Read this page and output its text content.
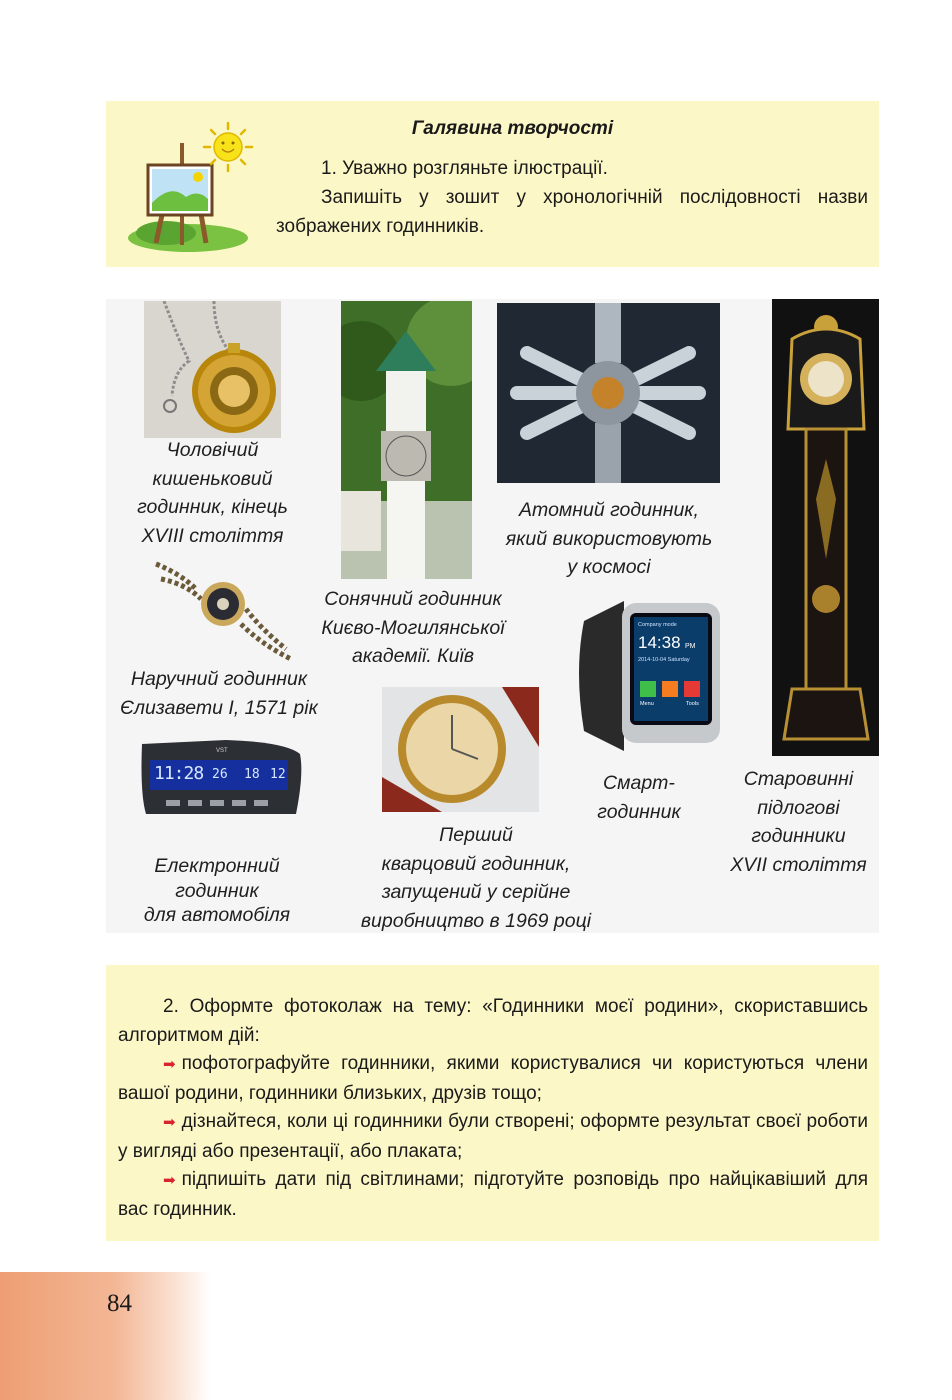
Галявина творчості

1. Уважно розгляньте ілюстрації.

Запишіть у зошит у хронологічній послідовності назви зображених годинників.

Чоловічий
кишеньковий
годинник, кінець
XVIII століття
Сонячний годинник
Києво-Могилянської
академії. Київ
Атомний годинник,
який використовують
у космосі
Старовинні
підлогові
годинники
XVII століття
Наручний годинник
Єлизавети І, 1571 рік
Company mode
14:38 PM
2014-10-04 Saturday
Menu	Tools
Смарт-
годинник
VST
11:28 26 18 12
Електронний
годинник
для автомобіля
Перший
кварцовий годинник,
запущений у серійне
виробництво в 1969 році

2. Оформте фотоколаж на тему: «Годинники моєї родини», скориставшись алгоритмом дій:

➡ пофотографуйте годинники, якими користувалися чи користуються члени вашої родини, годинники близьких, друзів тощо;

➡ дізнайтеся, коли ці годинники були створені; оформте результат своєї роботи у вигляді або презентації, або плаката;

➡ підпишіть дати під світлинами; підготуйте розповідь про найцікавіший для вас годинник.

84
